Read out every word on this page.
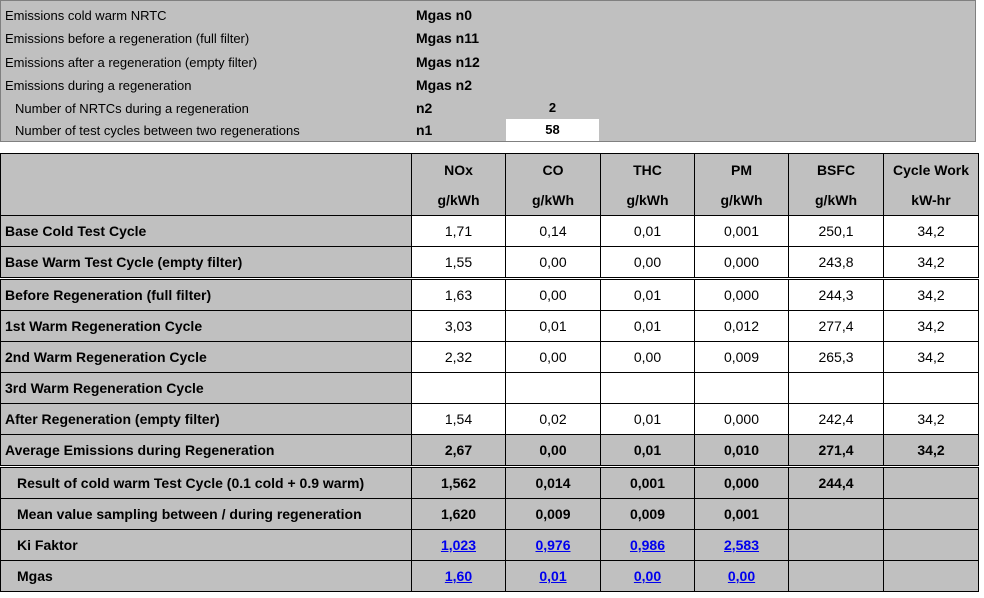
Emissions cold warm NRTC	Mgas n0
Emissions before a regeneration (full filter)	Mgas n11
Emissions after a regeneration (empty filter)	Mgas n12
Emissions during a regeneration	Mgas n2
Number of NRTCs during a regeneration	n2	2
Number of test cycles between two regenerations	n1	58
	NOx	CO	THC	PM	BSFC	Cycle Work
	g/kWh	g/kWh	g/kWh	g/kWh	g/kWh	kW-hr
Base Cold Test Cycle	1,71	0,14	0,01	0,001	250,1	34,2
Base Warm Test Cycle (empty filter)	1,55	0,00	0,00	0,000	243,8	34,2
Before Regeneration (full filter)	1,63	0,00	0,01	0,000	244,3	34,2
1st Warm Regeneration Cycle	3,03	0,01	0,01	0,012	277,4	34,2
2nd Warm Regeneration Cycle	2,32	0,00	0,00	0,009	265,3	34,2
3rd Warm Regeneration Cycle						
After Regeneration (empty filter)	1,54	0,02	0,01	0,000	242,4	34,2
Average Emissions during Regeneration	2,67	0,00	0,01	0,010	271,4	34,2
Result of cold warm Test Cycle (0.1 cold + 0.9 warm)	1,562	0,014	0,001	0,000	244,4	
Mean value sampling between / during regeneration	1,620	0,009	0,009	0,001		
Ki Faktor	1,023	0,976	0,986	2,583		
Mgas	1,60	0,01	0,00	0,00		
